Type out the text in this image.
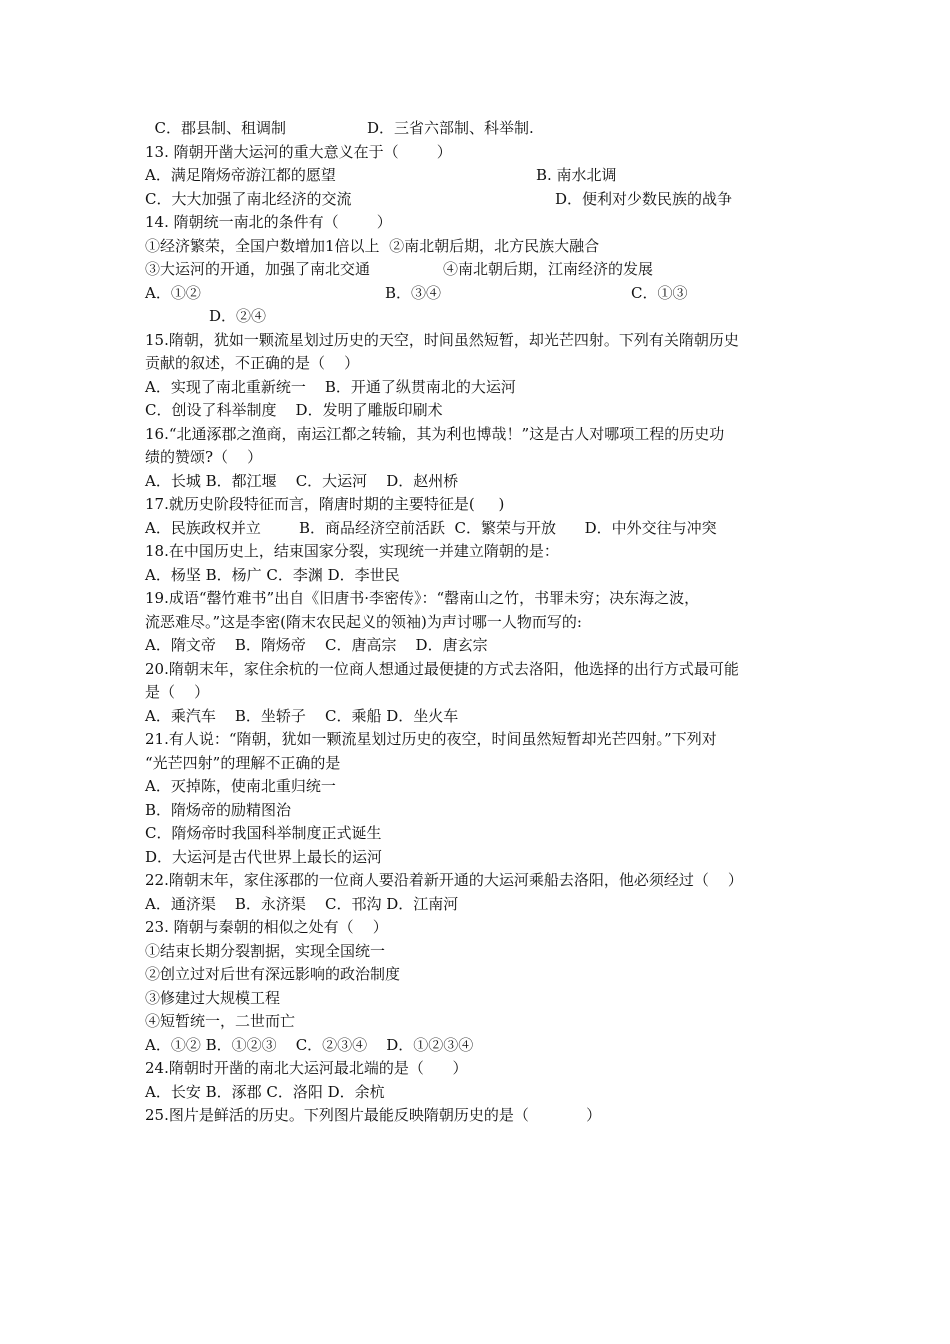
C．郡县制、租调制

	D．三省六部制、科举制.

13. 隋朝开凿大运河的重大意义在于（        ）

A．满足隋炀帝游江都的愿望

	B. 南水北调

C．大大加强了南北经济的交流

	D．便利对少数民族的战争

14. 隋朝统一南北的条件有（        ）

①经济繁荣，全国户数增加1倍以上  ②南北朝后期，北方民族大融合

③大运河的开通，加强了南北交通

	④南北朝后期，江南经济的发展

A．①②

	B．③④

	C．①③

D．②④

15.隋朝，犹如一颗流星划过历史的天空，时间虽然短暂，却光芒四射。下列有关隋朝历史

贡献的叙述，不正确的是（    ）

A．实现了南北重新统一    B．开通了纵贯南北的大运河

C．创设了科举制度    D．发明了雕版印刷术

16.“北通涿郡之渔商，南运江都之转输，其为利也博哉！”这是古人对哪项工程的历史功

绩的赞颂?（    ）

A．长城 B．都江堰    C．大运河    D．赵州桥

17.就历史阶段特征而言，隋唐时期的主要特征是(     )

A．民族政权并立        B．商品经济空前活跃  C．繁荣与开放      D．中外交往与冲突

18.在中国历史上，结束国家分裂，实现统一并建立隋朝的是：

A．杨坚 B．杨广 C．李渊 D．李世民

19.成语“罄竹难书”出自《旧唐书·李密传》：“罄南山之竹，书罪未穷；决东海之波，

流恶难尽。”这是李密(隋末农民起义的领袖)为声讨哪一人物而写的:

A．隋文帝    B．隋炀帝    C．唐高宗    D．唐玄宗

20.隋朝末年，家住余杭的一位商人想通过最便捷的方式去洛阳，他选择的出行方式最可能

是（    ）

A．乘汽车    B．坐轿子    C．乘船 D．坐火车

21.有人说：“隋朝，犹如一颗流星划过历史的夜空，时间虽然短暂却光芒四射。”下列对

“光芒四射”的理解不正确的是

A．灭掉陈，使南北重归统一

B．隋炀帝的励精图治

C．隋炀帝时我国科举制度正式诞生

D．大运河是古代世界上最长的运河

22.隋朝末年，家住涿郡的一位商人要沿着新开通的大运河乘船去洛阳，他必须经过（    ）

A．通济渠    B．永济渠    C．邗沟 D．江南河

23. 隋朝与秦朝的相似之处有（    ）

①结束长期分裂割据，实现全国统一

②创立过对后世有深远影响的政治制度

③修建过大规模工程

④短暂统一，二世而亡

A．①② B．①②③    C．②③④    D．①②③④

24.隋朝时开凿的南北大运河最北端的是（      ）

A．长安 B．涿郡 C．洛阳 D．余杭

25.图片是鲜活的历史。下列图片最能反映隋朝历史的是（            ）
